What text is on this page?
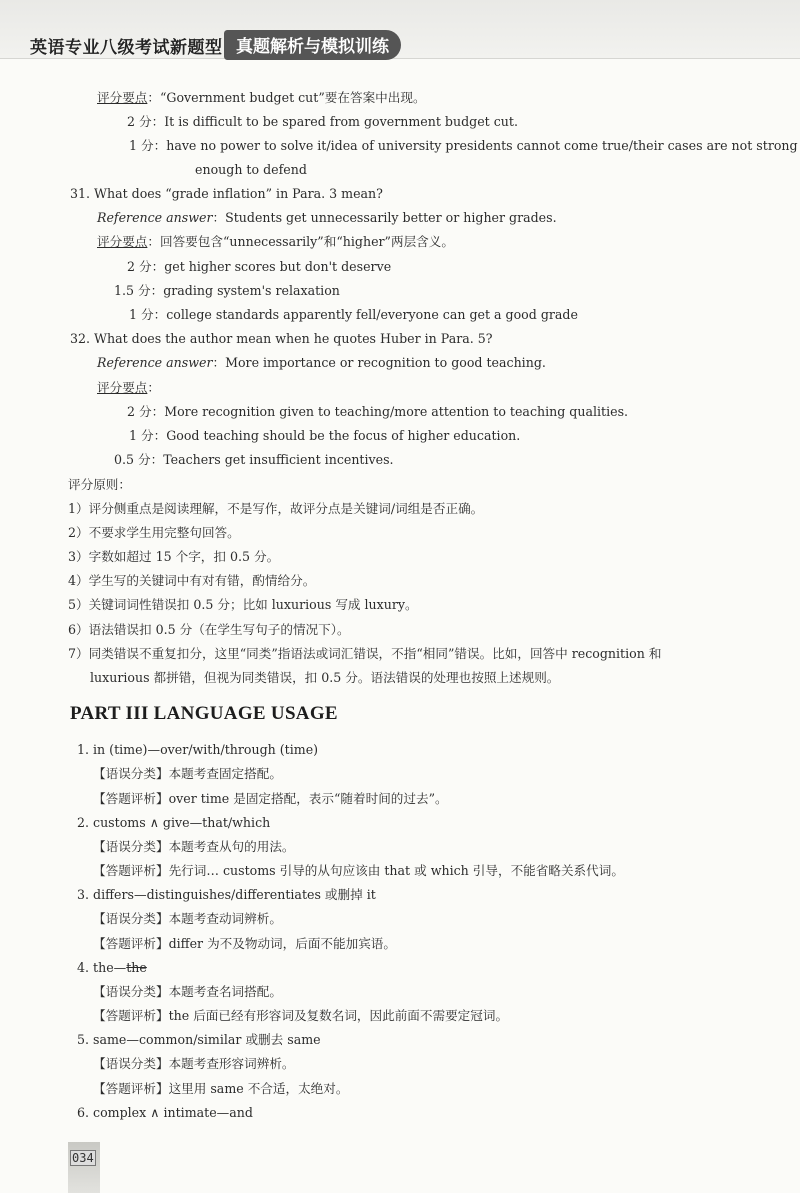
英语专业八级考试新题型 真题解析与模拟训练
评分要点：“Government budget cut”要在答案中出现。
2 分：It is difficult to be spared from government budget cut.
1 分：have no power to solve it/idea of university presidents cannot come true/their cases are not strong
enough to defend
31. What does “grade inflation” in Para. 3 mean?
Reference answer：Students get unnecessarily better or higher grades.
评分要点：回答要包含“unnecessarily”和“higher”两层含义。
2 分：get higher scores but don't deserve
1.5 分：grading system's relaxation
1 分：college standards apparently fell/everyone can get a good grade
32. What does the author mean when he quotes Huber in Para. 5?
Reference answer：More importance or recognition to good teaching.
评分要点：
2 分：More recognition given to teaching/more attention to teaching qualities.
1 分：Good teaching should be the focus of higher education.
0.5 分：Teachers get insufficient incentives.
评分原则：
1）评分侧重点是阅读理解，不是写作，故评分点是关键词/词组是否正确。
2）不要求学生用完整句回答。
3）字数如超过 15 个字，扣 0.5 分。
4）学生写的关键词中有对有错，酌情给分。
5）关键词词性错误扣 0.5 分；比如 luxurious 写成 luxury。
6）语法错误扣 0.5 分（在学生写句子的情况下）。
7）同类错误不重复扣分，这里“同类”指语法或词汇错误，不指“相同”错误。比如，回答中 recognition 和
luxurious 都拼错，但视为同类错误，扣 0.5 分。语法错误的处理也按照上述规则。
PART III LANGUAGE USAGE
1. in (time)—over/with/through (time)
【语误分类】本题考查固定搭配。
【答题评析】over time 是固定搭配，表示“随着时间的过去”。
2. customs ∧ give—that/which
【语误分类】本题考查从句的用法。
【答题评析】先行词… customs 引导的从句应该由 that 或 which 引导，不能省略关系代词。
3. differs—distinguishes/differentiates 或删掉 it
【语误分类】本题考查动词辨析。
【答题评析】differ 为不及物动词，后面不能加宾语。
4. the—the
【语误分类】本题考查名词搭配。
【答题评析】the 后面已经有形容词及复数名词，因此前面不需要定冠词。
5. same—common/similar 或删去 same
【语误分类】本题考查形容词辨析。
【答题评析】这里用 same 不合适，太绝对。
6. complex ∧ intimate—and
034
